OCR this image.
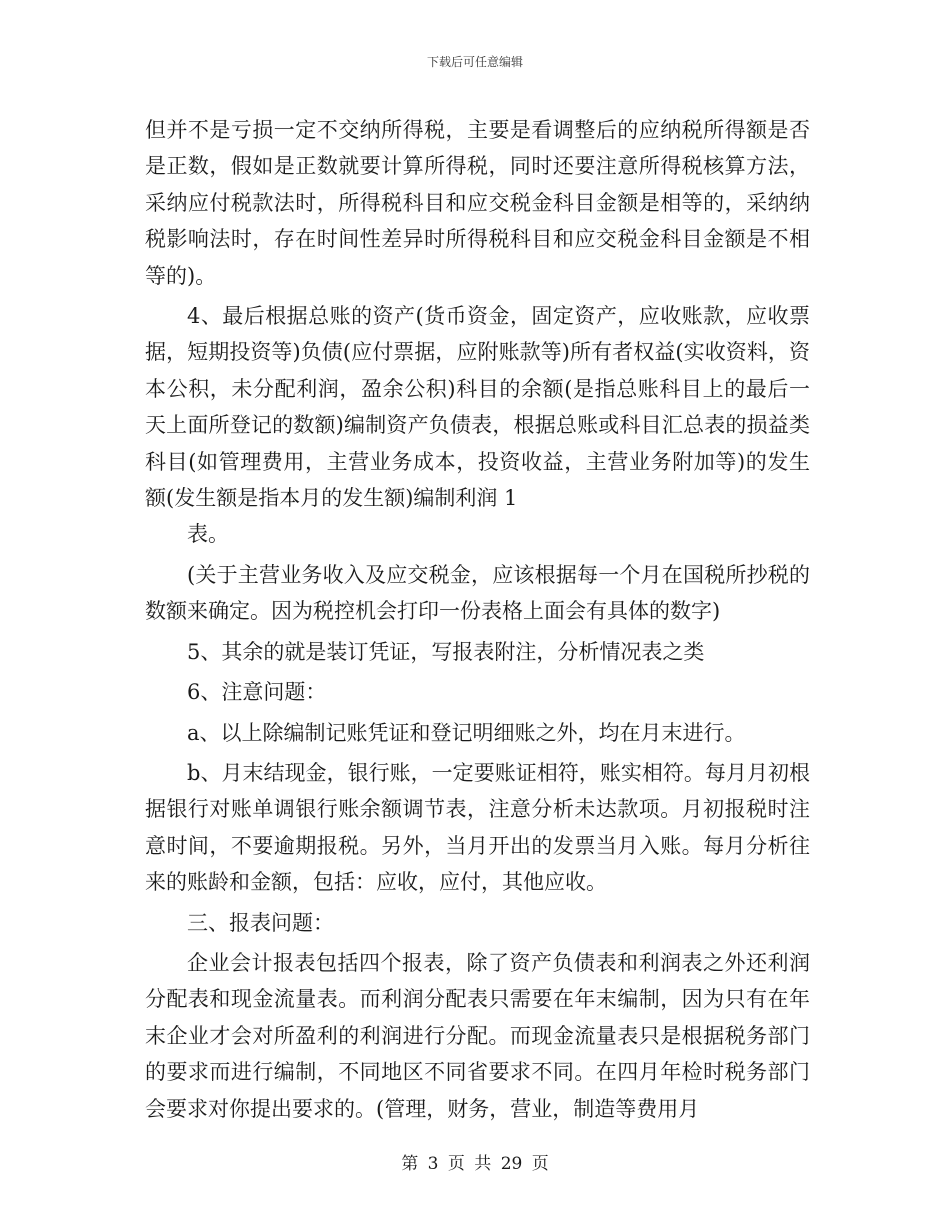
下载后可任意编辑

但并不是亏损一定不交纳所得税，主要是看调整后的应纳税所得额是否是正数，假如是正数就要计算所得税，同时还要注意所得税核算方法，采纳应付税款法时，所得税科目和应交税金科目金额是相等的，采纳纳税影响法时，存在时间性差异时所得税科目和应交税金科目金额是不相等的)。

4、最后根据总账的资产(货币资金，固定资产，应收账款，应收票据，短期投资等)负债(应付票据，应附账款等)所有者权益(实收资料，资本公积，未分配利润，盈余公积)科目的余额(是指总账科目上的最后一天上面所登记的数额)编制资产负债表，根据总账或科目汇总表的损益类科目(如管理费用，主营业务成本，投资收益，主营业务附加等)的发生额(发生额是指本月的发生额)编制利润 1

表。

(关于主营业务收入及应交税金，应该根据每一个月在国税所抄税的数额来确定。因为税控机会打印一份表格上面会有具体的数字)

5、其余的就是装订凭证，写报表附注，分析情况表之类

6、注意问题：

a、以上除编制记账凭证和登记明细账之外，均在月末进行。

b、月末结现金，银行账，一定要账证相符，账实相符。每月月初根据银行对账单调银行账余额调节表，注意分析未达款项。月初报税时注意时间，不要逾期报税。另外，当月开出的发票当月入账。每月分析往来的账龄和金额，包括：应收，应付，其他应收。

三、报表问题：

企业会计报表包括四个报表，除了资产负债表和利润表之外还利润分配表和现金流量表。而利润分配表只需要在年末编制，因为只有在年末企业才会对所盈利的利润进行分配。而现金流量表只是根据税务部门的要求而进行编制，不同地区不同省要求不同。在四月年检时税务部门会要求对你提出要求的。(管理，财务，营业，制造等费用月

第 3 页 共 29 页
